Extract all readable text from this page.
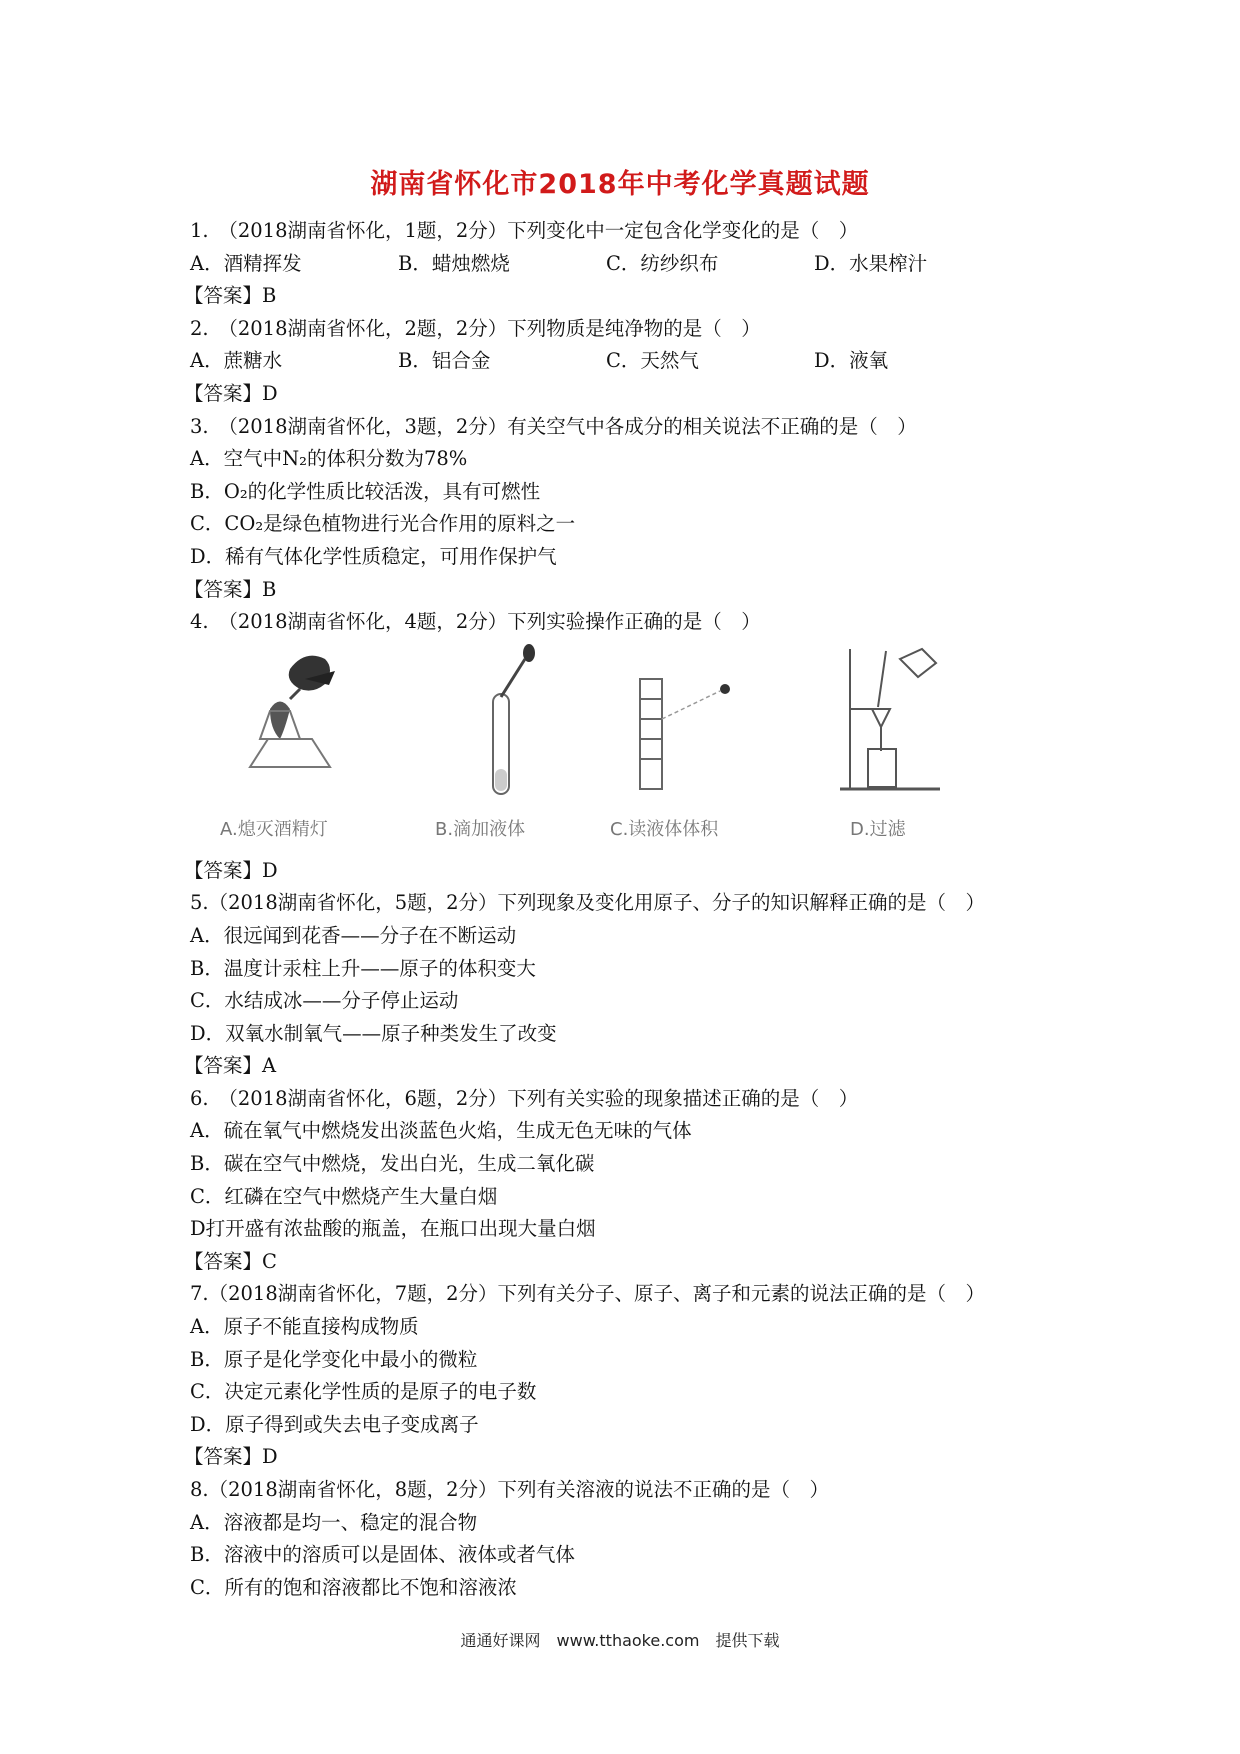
湖南省怀化市2018年中考化学真题试题
1.　（2018湖南省怀化，1题，2分）下列变化中一定包含化学变化的是（　）
A．酒精挥发	B．蜡烛燃烧	C．纺纱织布	D．水果榨汁
【答案】B
2.　（2018湖南省怀化，2题，2分）下列物质是纯净物的是（　）
A．蔗糖水	B．铝合金	C．天然气	D．液氧
【答案】D
3.　（2018湖南省怀化，3题，2分）有关空气中各成分的相关说法不正确的是（　）
A．空气中N₂的体积分数为78%
B．O₂的化学性质比较活泼，具有可燃性
C．CO₂是绿色植物进行光合作用的原料之一
D．稀有气体化学性质稳定，可用作保护气
【答案】B
4.　（2018湖南省怀化，4题，2分）下列实验操作正确的是（　）
A.熄灭酒精灯	B.滴加液体	C.读液体体积	D.过滤
【答案】D
5.（2018湖南省怀化，5题，2分）下列现象及变化用原子、分子的知识解释正确的是（　）
A．很远闻到花香——分子在不断运动
B．温度计汞柱上升——原子的体积变大
C．水结成冰——分子停止运动
D．双氧水制氧气——原子种类发生了改变
【答案】A
6.　（2018湖南省怀化，6题，2分）下列有关实验的现象描述正确的是（　）
A．硫在氧气中燃烧发出淡蓝色火焰，生成无色无味的气体
B．碳在空气中燃烧，发出白光，生成二氧化碳
C．红磷在空气中燃烧产生大量白烟
D打开盛有浓盐酸的瓶盖，在瓶口出现大量白烟
【答案】C
7.（2018湖南省怀化，7题，2分）下列有关分子、原子、离子和元素的说法正确的是（　）
A．原子不能直接构成物质
B．原子是化学变化中最小的微粒
C．决定元素化学性质的是原子的电子数
D．原子得到或失去电子变成离子
【答案】D
8.（2018湖南省怀化，8题，2分）下列有关溶液的说法不正确的是（　）
A．溶液都是均一、稳定的混合物
B．溶液中的溶质可以是固体、液体或者气体
C．所有的饱和溶液都比不饱和溶液浓
通通好课网　www.tthaoke.com　提供下载
